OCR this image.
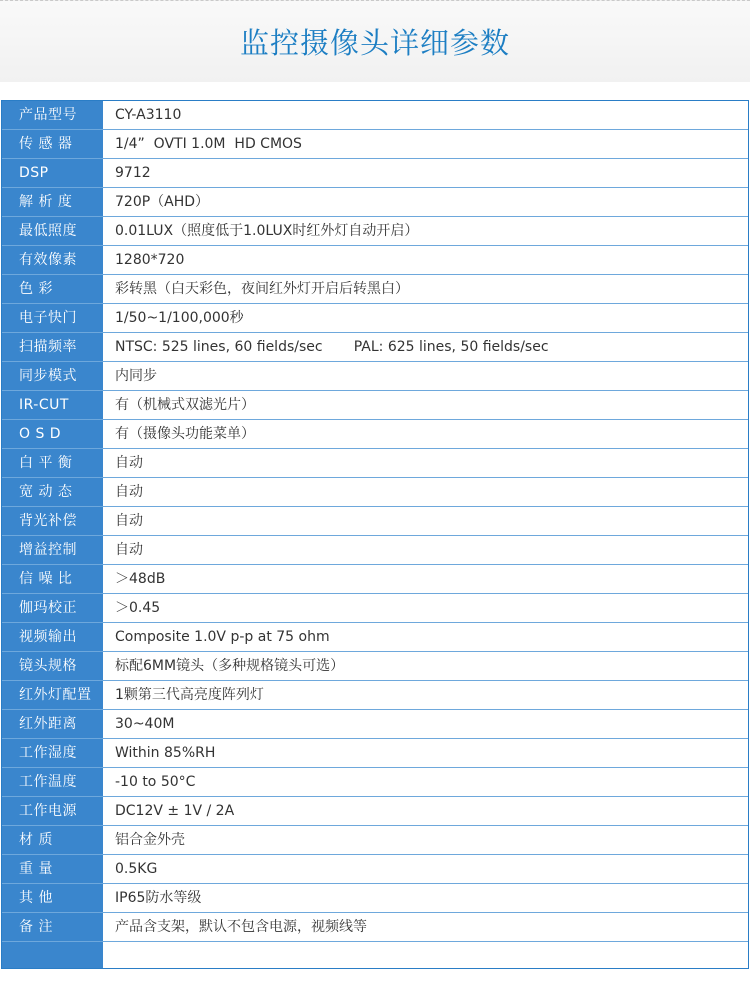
监控摄像头详细参数
产品型号	CY-A3110
传 感 器	1/4”  OVTI 1.0M  HD CMOS
DSP	9712
解 析 度	720P（AHD）
最低照度	0.01LUX（照度低于1.0LUX时红外灯自动开启）
有效像素	1280*720
色 彩	彩转黑（白天彩色，夜间红外灯开启后转黑白）
电子快门	1/50~1/100,000秒
扫描频率	NTSC: 525 lines, 60 fields/sec       PAL: 625 lines, 50 fields/sec
同步模式	内同步
IR-CUT	有（机械式双滤光片）
O S D	有（摄像头功能菜单）
白 平 衡	自动
宽 动 态	自动
背光补偿	自动
增益控制	自动
信 噪 比	＞48dB
伽玛校正	＞0.45
视频输出	Composite 1.0V p-p at 75 ohm
镜头规格	标配6MM镜头（多种规格镜头可选）
红外灯配置	1颗第三代高亮度阵列灯
红外距离	30~40M
工作湿度	Within 85%RH
工作温度	-10 to 50°C
工作电源	DC12V ± 1V / 2A
材 质	铝合金外壳
重 量	0.5KG
其 他	IP65防水等级
备 注	产品含支架，默认不包含电源，视频线等
